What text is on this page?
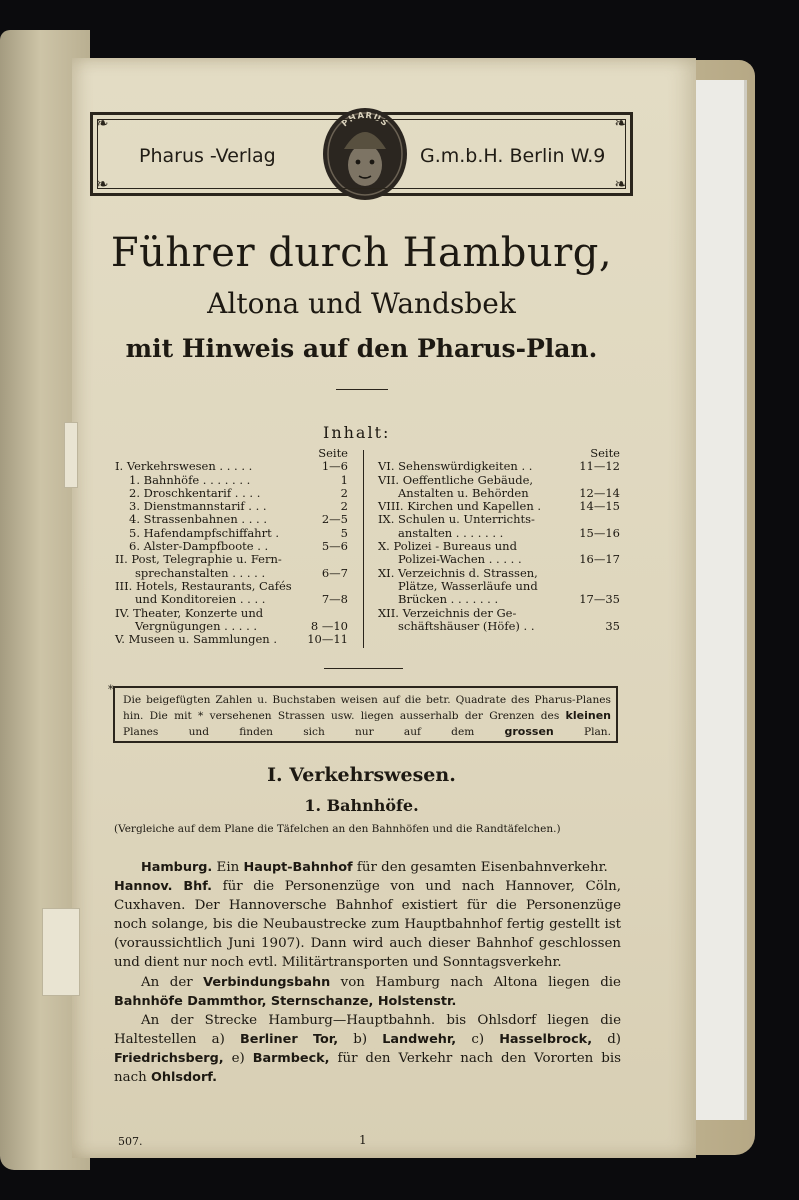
❧	❧
❧	❧
Pharus -Verlag
PHARUS
G.m.b.H. Berlin W.9
Führer durch Hamburg,
Altona und Wandsbek
mit Hinweis auf den Pharus-Plan.
Inhalt:
Seite
I. Verkehrswesen . . . . .	1—6
1. Bahnhöfe . . . . . . .	1
2. Droschkentarif . . . .	2
3. Dienstmannstarif . . .	2
4. Strassenbahnen . . . .	2—5
5. Hafendampfschiffahrt .	5
6. Alster-Dampfboote . .	5—6
II. Post, Telegraphie u. Fern-
sprechanstalten . . . . .	6—7
III. Hotels, Restaurants, Cafés
und Konditoreien . . . .	7—8
IV. Theater, Konzerte und
Vergnügungen . . . . .	8 —10
V. Museen u. Sammlungen .	10—11
Seite
VI. Sehenswürdigkeiten . .	11—12
VII. Oeffentliche Gebäude,
Anstalten u. Behörden	12—14
VIII. Kirchen und Kapellen .	14—15
IX. Schulen u. Unterrichts-
anstalten . . . . . . .	15—16
X. Polizei - Bureaus und
Polizei-Wachen . . . . .	16—17
XI. Verzeichnis d. Strassen,
Plätze, Wasserläufe und
Brücken . . . . . . .	17—35
XII. Verzeichnis der Ge-
schäftshäuser (Höfe) . .	35
*
Die beigefügten Zahlen u. Buchstaben weisen auf die betr. Quadrate des Pharus-Planes hin. Die mit * versehenen Strassen usw. liegen ausserhalb der Grenzen des kleinen Planes und finden sich nur auf dem	grossen	Plan.
I. Verkehrswesen.
1. Bahnhöfe.
(Vergleiche auf dem Plane die Täfelchen an den Bahnhöfen und die Randtäfelchen.)

Hamburg. Ein Haupt-Bahnhof für den gesamten Eisenbahnverkehr.

Hannov. Bhf. für die Personenzüge von und nach Hannover, Cöln, Cuxhaven. Der Hannoversche Bahnhof existiert für die Personenzüge noch solange, bis die Neubaustrecke zum Hauptbahnhof fertig gestellt ist (voraussichtlich Juni 1907). Dann wird auch dieser Bahnhof geschlossen und dient nur noch evtl. Militärtransporten und Sonntagsverkehr.

An der Verbindungsbahn von Hamburg nach Altona liegen die Bahnhöfe Dammthor, Sternschanze, Holstenstr.

An der Strecke Hamburg—Hauptbahnh. bis Ohlsdorf liegen die Haltestellen a) Berliner Tor, b) Landwehr, c) Hasselbrock, d) Friedrichsberg, e) Barmbeck, für den Verkehr nach den Vororten bis nach Ohlsdorf.

507.	1
